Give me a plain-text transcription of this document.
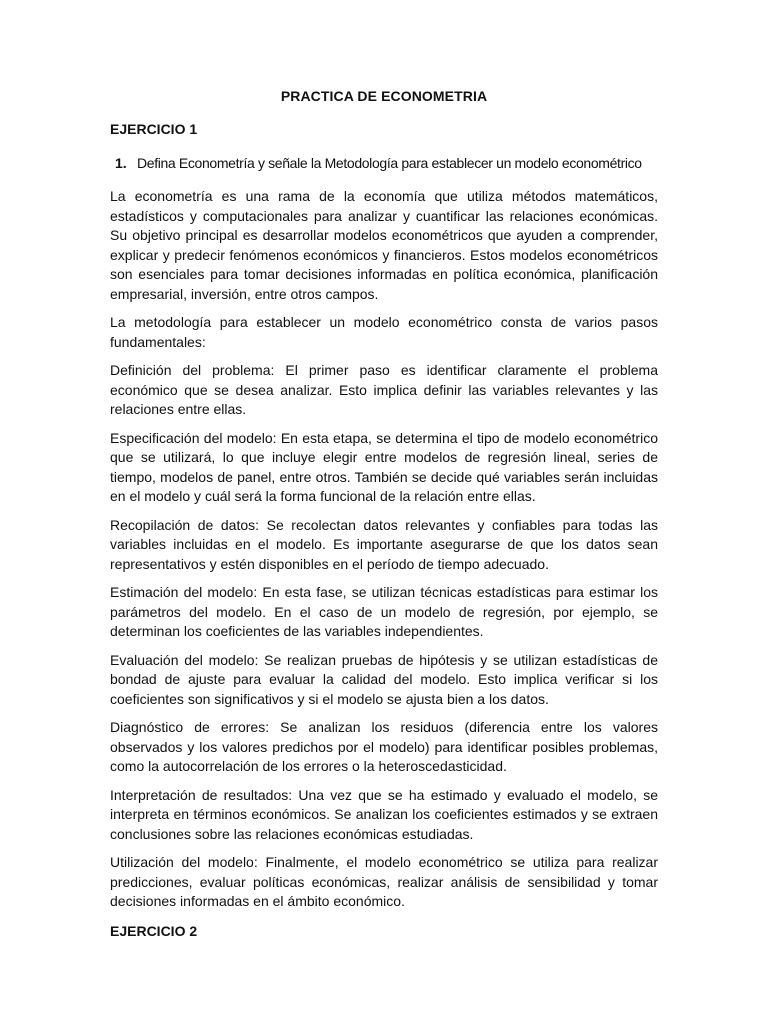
PRACTICA DE ECONOMETRIA
EJERCICIO 1
1. Defina Econometría y señale la Metodología para establecer un modelo econométrico

La econometría es una rama de la economía que utiliza métodos matemáticos, estadísticos y computacionales para analizar y cuantificar las relaciones económicas. Su objetivo principal es desarrollar modelos econométricos que ayuden a comprender, explicar y predecir fenómenos económicos y financieros. Estos modelos econométricos son esenciales para tomar decisiones informadas en política económica, planificación empresarial, inversión, entre otros campos.

La metodología para establecer un modelo econométrico consta de varios pasos fundamentales:

Definición del problema: El primer paso es identificar claramente el problema económico que se desea analizar. Esto implica definir las variables relevantes y las relaciones entre ellas.

Especificación del modelo: En esta etapa, se determina el tipo de modelo econométrico que se utilizará, lo que incluye elegir entre modelos de regresión lineal, series de tiempo, modelos de panel, entre otros. También se decide qué variables serán incluidas en el modelo y cuál será la forma funcional de la relación entre ellas.

Recopilación de datos: Se recolectan datos relevantes y confiables para todas las variables incluidas en el modelo. Es importante asegurarse de que los datos sean representativos y estén disponibles en el período de tiempo adecuado.

Estimación del modelo: En esta fase, se utilizan técnicas estadísticas para estimar los parámetros del modelo. En el caso de un modelo de regresión, por ejemplo, se determinan los coeficientes de las variables independientes.

Evaluación del modelo: Se realizan pruebas de hipótesis y se utilizan estadísticas de bondad de ajuste para evaluar la calidad del modelo. Esto implica verificar si los coeficientes son significativos y si el modelo se ajusta bien a los datos.

Diagnóstico de errores: Se analizan los residuos (diferencia entre los valores observados y los valores predichos por el modelo) para identificar posibles problemas, como la autocorrelación de los errores o la heteroscedasticidad.

Interpretación de resultados: Una vez que se ha estimado y evaluado el modelo, se interpreta en términos económicos. Se analizan los coeficientes estimados y se extraen conclusiones sobre las relaciones económicas estudiadas.

Utilización del modelo: Finalmente, el modelo econométrico se utiliza para realizar predicciones, evaluar políticas económicas, realizar análisis de sensibilidad y tomar decisiones informadas en el ámbito económico.

EJERCICIO 2
